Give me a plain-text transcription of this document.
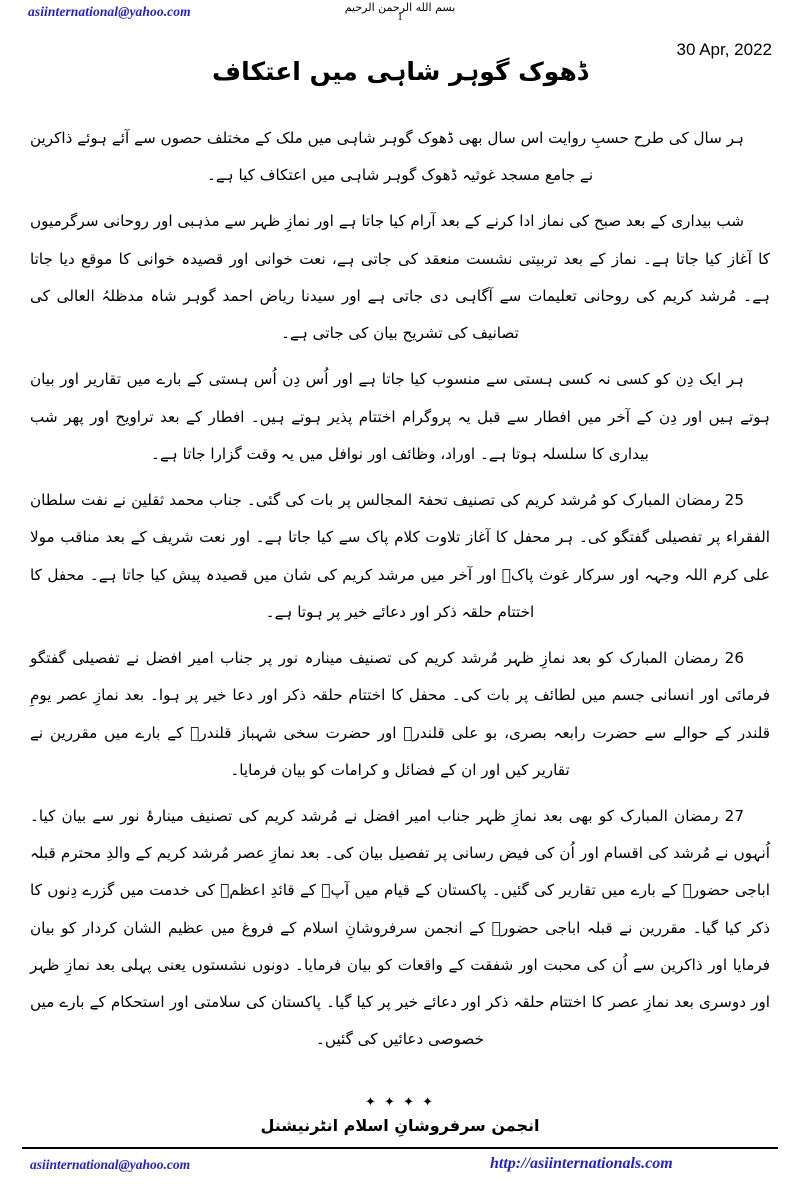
asiinternational@yahoo.com	بسم الله الرحمن الرحيم
1
30 Apr, 2022
ڈھوک گوہر شاہی میں اعتکاف

ہر سال کی طرح حسبِ روایت اس سال بھی ڈھوک گوہر شاہی میں ملک کے مختلف حصوں سے آئے ہوئے ذاکرین نے جامع مسجد غوثیہ ڈھوک گوہر شاہی میں اعتکاف کیا ہے۔

شب بیداری کے بعد صبح کی نماز ادا کرنے کے بعد آرام کیا جاتا ہے اور نمازِ ظہر سے مذہبی اور روحانی سرگرمیوں کا آغاز کیا جاتا ہے۔ نماز کے بعد تربیتی نشست منعقد کی جاتی ہے، نعت خوانی اور قصیدہ خوانی کا موقع دیا جاتا ہے۔ مُرشد کریم کی روحانی تعلیمات سے آگاہی دی جاتی ہے اور سیدنا ریاض احمد گوہر شاہ مدظلہُ العالی کی تصانیف کی تشریح بیان کی جاتی ہے۔

ہر ایک دِن کو کسی نہ کسی ہستی سے منسوب کیا جاتا ہے اور اُس دِن اُس ہستی کے بارے میں تقاریر اور بیان ہوتے ہیں اور دِن کے آخر میں افطار سے قبل یہ پروگرام اختتام پذیر ہوتے ہیں۔ افطار کے بعد تراویح اور پھر شب بیداری کا سلسلہ ہوتا ہے۔ اوراد، وظائف اور نوافل میں یہ وقت گزارا جاتا ہے۔

25 رمضان المبارک کو مُرشد کریم کی تصنیف تحفۃ المجالس پر بات کی گئی۔ جناب محمد ثقلین نے نفت سلطان الفقراء پر تفصیلی گفتگو کی۔ ہر محفل کا آغاز تلاوت کلام پاک سے کیا جاتا ہے۔ اور نعت شریف کے بعد مناقب مولا علی کرم اللہ وجہہ اور سرکار غوث پاکؒ اور آخر میں مرشد کریم کی شان میں قصیدہ پیش کیا جاتا ہے۔ محفل کا اختتام حلقہ ذکر اور دعائے خیر پر ہوتا ہے۔

26 رمضان المبارک کو بعد نمازِ ظہر مُرشد کریم کی تصنیف مینارہ نور پر جناب امیر افضل نے تفصیلی گفتگو فرمائی اور انسانی جسم میں لطائف پر بات کی۔ محفل کا اختتام حلقہ ذکر اور دعا خیر پر ہوا۔ بعد نمازِ عصر یومِ قلندر کے حوالے سے حضرت رابعہ بصری، بو علی قلندرؒ اور حضرت سخی شہباز قلندرؒ کے بارے میں مقررین نے تقاریر کیں اور ان کے فضائل و کرامات کو بیان فرمایا۔

27 رمضان المبارک کو بھی بعد نمازِ ظہر جناب امیر افضل نے مُرشد کریم کی تصنیف مینارۂ نور سے بیان کیا۔ اُنہوں نے مُرشد کی اقسام اور اُن کی فیض رسانی پر تفصیل بیان کی۔ بعد نمازِ عصر مُرشد کریم کے والدِ محترم قبلہ اباجی حضورؒ کے بارے میں تقاریر کی گئیں۔ پاکستان کے قیام میں آپؒ کے قائدِ اعظمؒ کی خدمت میں گزرے دِنوں کا ذکر کیا گیا۔ مقررین نے قبلہ اباجی حضورؒ کے انجمن سرفروشانِ اسلام کے فروغ میں عظیم الشان کردار کو بیان فرمایا اور ذاکرین سے اُن کی محبت اور شفقت کے واقعات کو بیان فرمایا۔ دونوں نشستوں یعنی پہلی بعد نمازِ ظہر اور دوسری بعد نمازِ عصر کا اختتام حلقہ ذکر اور دعائے خیر پر کیا گیا۔ پاکستان کی سلامتی اور استحکام کے بارے میں خصوصی دعائیں کی گئیں۔

✦ ✦ ✦ ✦
انجمن سرفروشانِ اسلام انٹرنیشنل
asiinternational@yahoo.com	http://asiinternationals.com
